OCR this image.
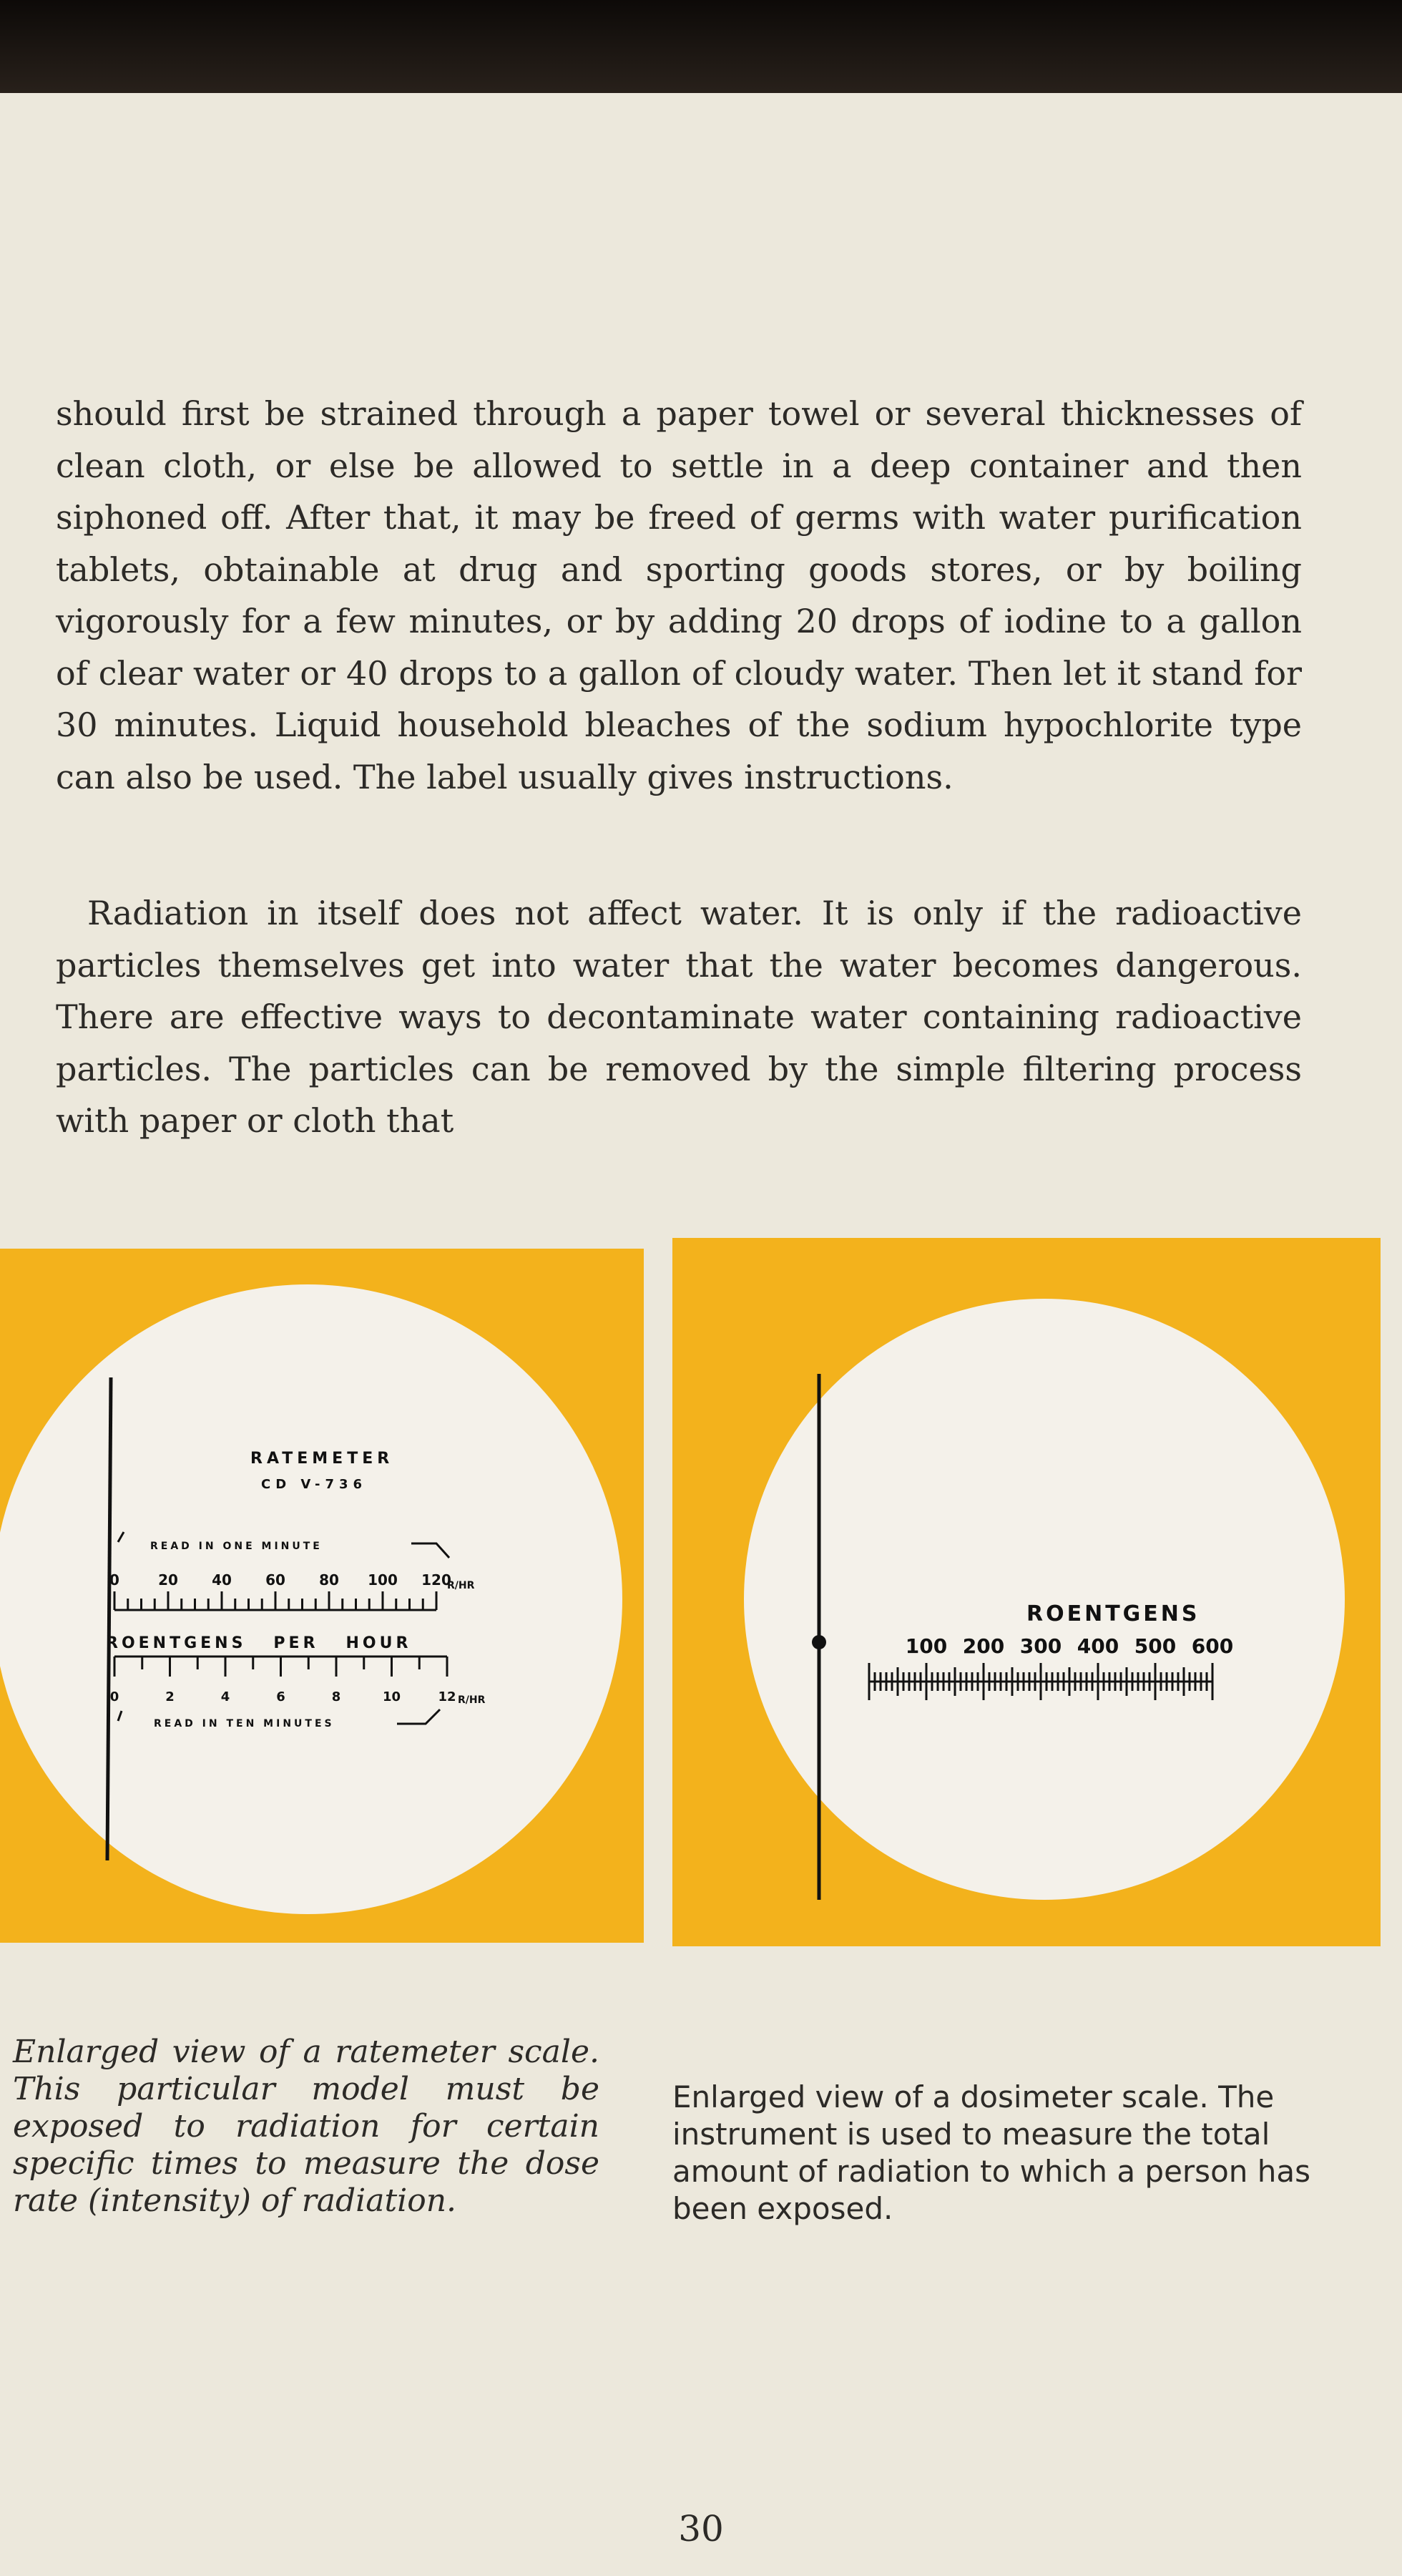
should first be strained through a paper towel or several thicknesses of clean cloth, or else be allowed to settle in a deep container and then siphoned off. After that, it may be freed of germs with water purification tablets, obtainable at drug and sporting goods stores, or by boiling vigorously for a few minutes, or by adding 20 drops of iodine to a gallon of clear water or 40 drops to a gallon of cloudy water. Then let it stand for 30 minutes. Liquid household bleaches of the sodium hypochlorite type can also be used. The label usually gives instructions.

Radiation in itself does not affect water. It is only if the radioactive particles themselves get into water that the water becomes dangerous. There are effective ways to decontaminate water containing radioactive particles. The particles can be removed by the simple filtering process with paper or cloth that

RATEMETER
CD V-736
READ IN ONE MINUTE
0	20 40 60 80 100 120
R/HR
ROENTGENS   PER   HOUR
0	2	4	6	8	10	12 R/HR
READ IN TEN MINUTES
ROENTGENS
100 200 300 400 500 600

Enlarged view of a ratemeter scale. This particular model must be exposed to radiation for certain specific times to measure the dose rate (intensity) of radiation.

Enlarged view of a dosimeter scale. The instrument is used to measure the total amount of radiation to which a person has been exposed.

30
